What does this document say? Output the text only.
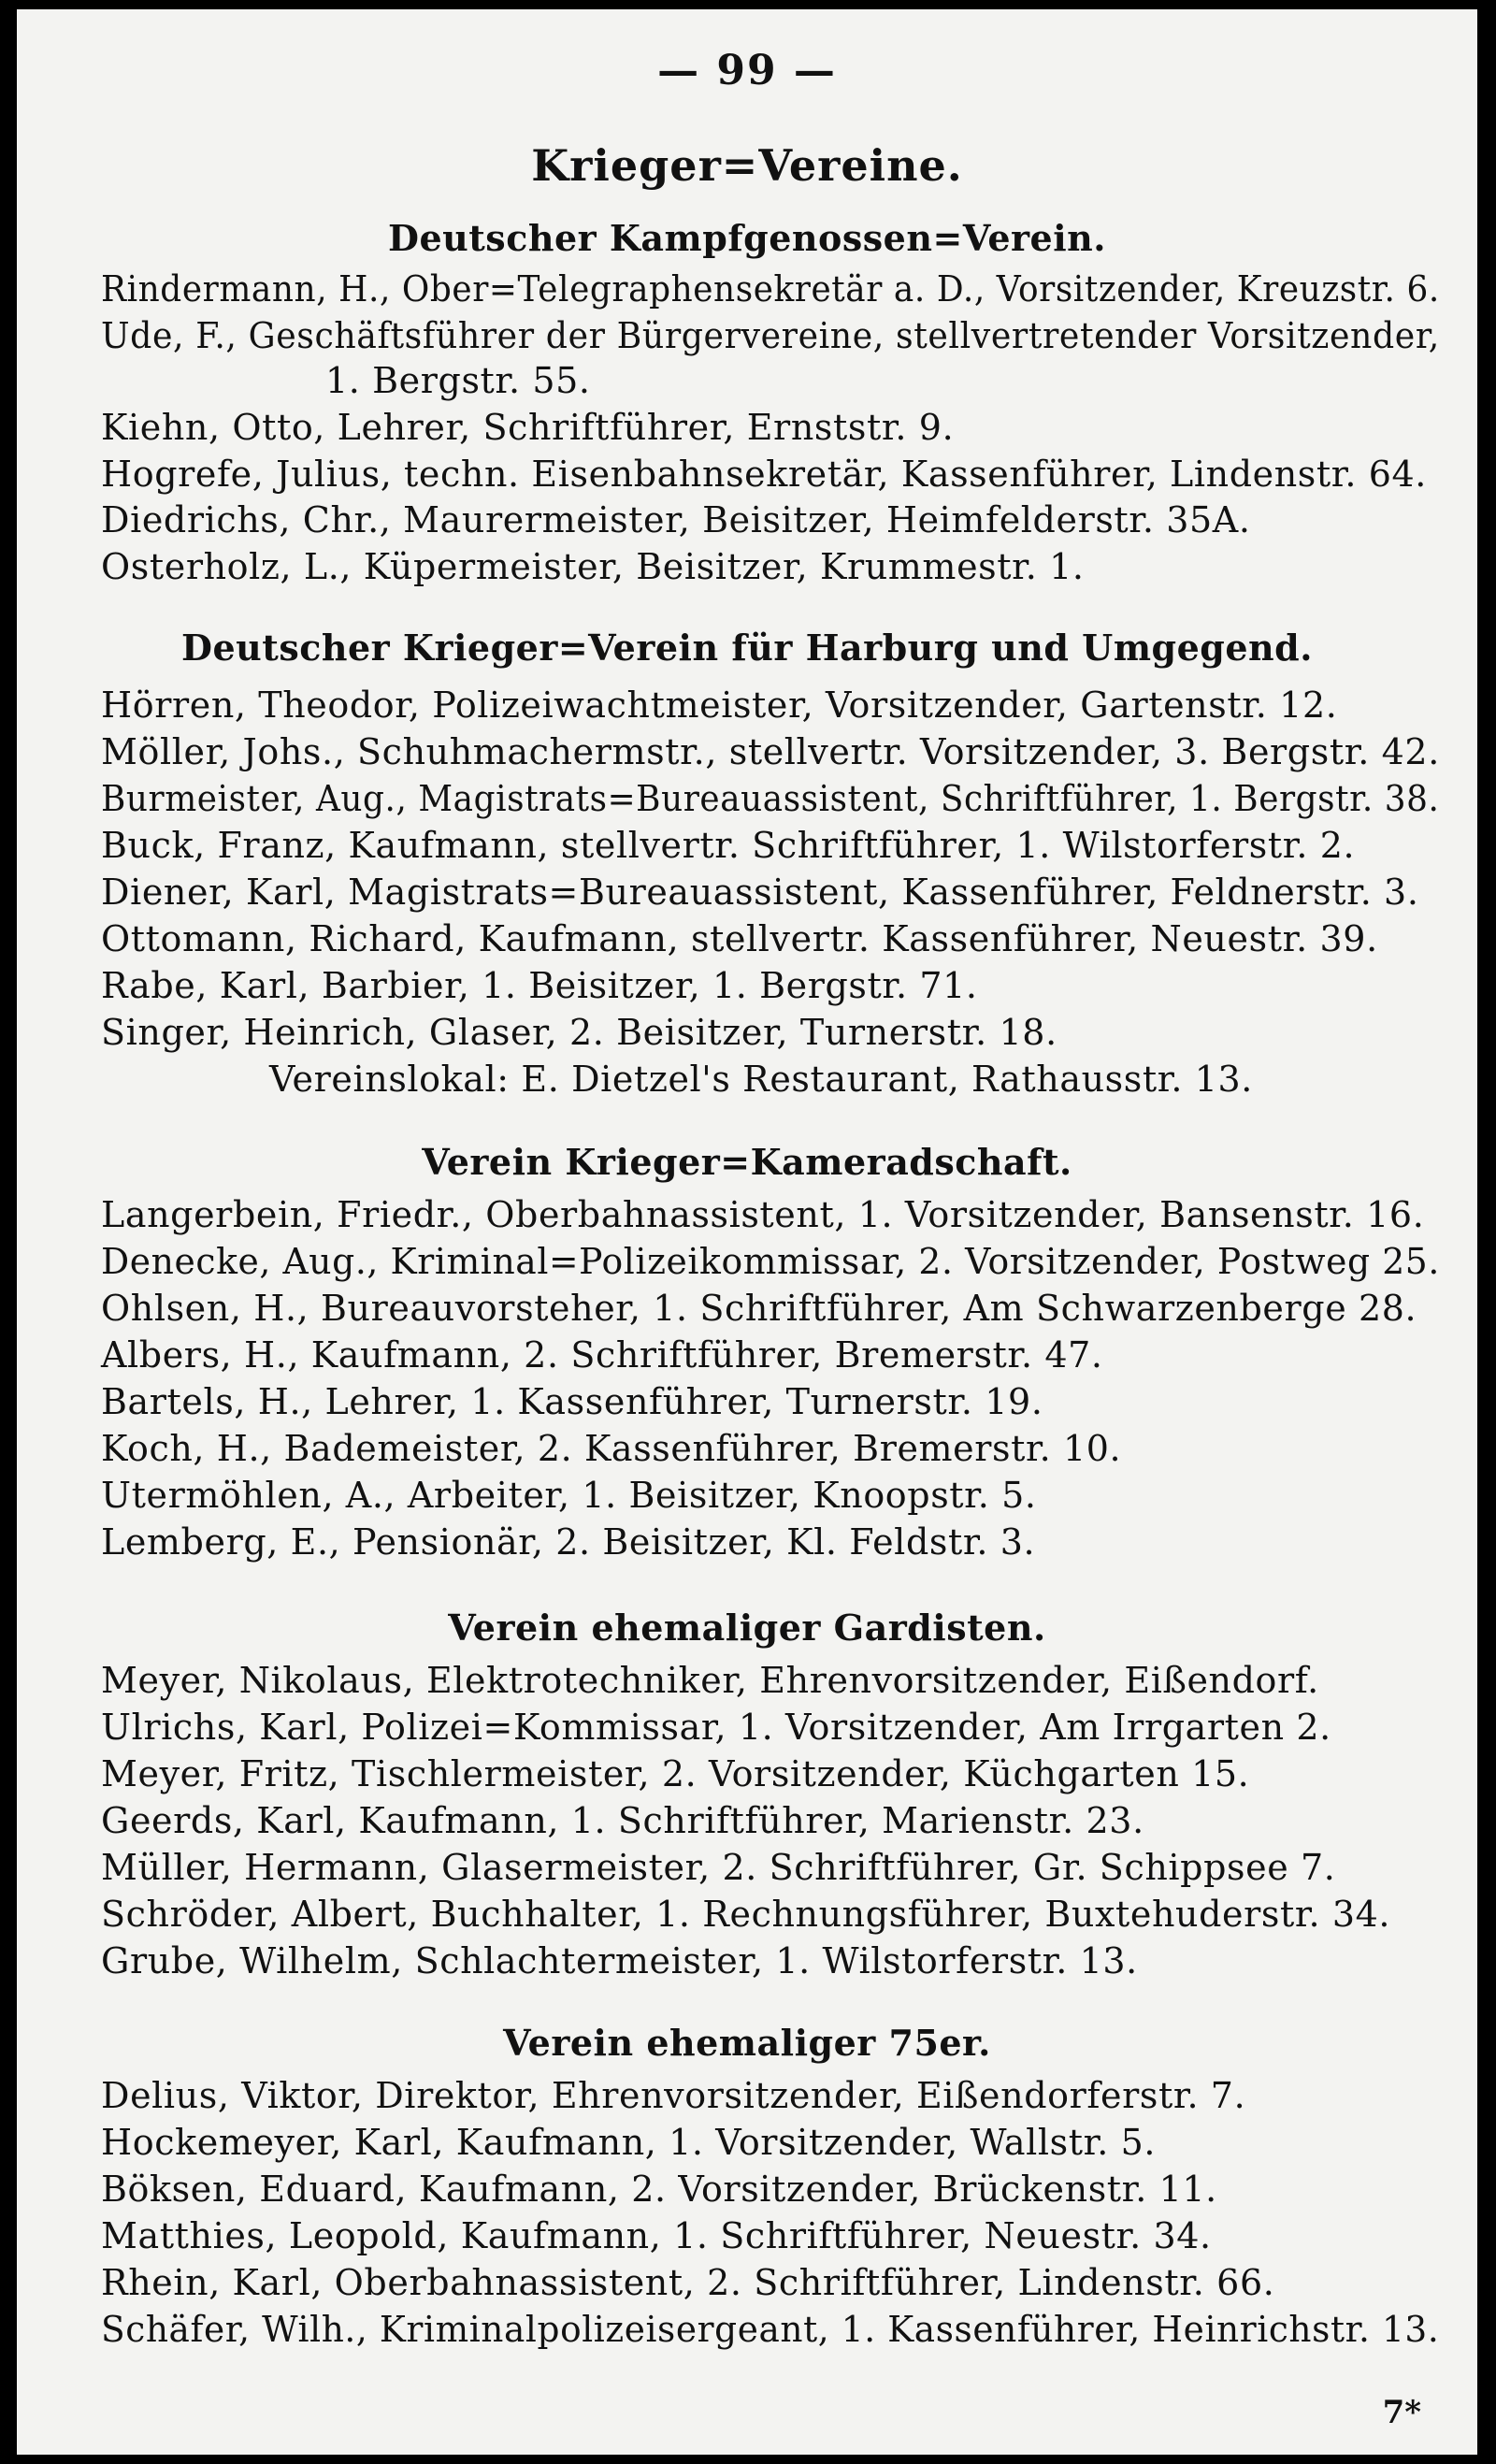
— 99 —
Krieger=Vereine.
Deutscher Kampfgenossen=Verein.
Rindermann, H., Ober=Telegraphensekretär a. D., Vorsitzender, Kreuzstr. 6.
Ude, F., Geschäftsführer der Bürgervereine, stellvertretender Vorsitzender,
1. Bergstr. 55.
Kiehn, Otto, Lehrer, Schriftführer, Ernststr. 9.
Hogrefe, Julius, techn. Eisenbahnsekretär, Kassenführer, Lindenstr. 64.
Diedrichs, Chr., Maurermeister, Beisitzer, Heimfelderstr. 35A.
Osterholz, L., Küpermeister, Beisitzer, Krummestr. 1.
Deutscher Krieger=Verein für Harburg und Umgegend.
Hörren, Theodor, Polizeiwachtmeister, Vorsitzender, Gartenstr. 12.
Möller, Johs., Schuhmachermstr., stellvertr. Vorsitzender, 3. Bergstr. 42.
Burmeister, Aug., Magistrats=Bureauassistent, Schriftführer, 1. Bergstr. 38.
Buck, Franz, Kaufmann, stellvertr. Schriftführer, 1. Wilstorferstr. 2.
Diener, Karl, Magistrats=Bureauassistent, Kassenführer, Feldnerstr. 3.
Ottomann, Richard, Kaufmann, stellvertr. Kassenführer, Neuestr. 39.
Rabe, Karl, Barbier, 1. Beisitzer, 1. Bergstr. 71.
Singer, Heinrich, Glaser, 2. Beisitzer, Turnerstr. 18.
Vereinslokal: E. Dietzel's Restaurant, Rathausstr. 13.
Verein Krieger=Kameradschaft.
Langerbein, Friedr., Oberbahnassistent, 1. Vorsitzender, Bansenstr. 16.
Denecke, Aug., Kriminal=Polizeikommissar, 2. Vorsitzender, Postweg 25.
Ohlsen, H., Bureauvorsteher, 1. Schriftführer, Am Schwarzenberge 28.
Albers, H., Kaufmann, 2. Schriftführer, Bremerstr. 47.
Bartels, H., Lehrer, 1. Kassenführer, Turnerstr. 19.
Koch, H., Bademeister, 2. Kassenführer, Bremerstr. 10.
Utermöhlen, A., Arbeiter, 1. Beisitzer, Knoopstr. 5.
Lemberg, E., Pensionär, 2. Beisitzer, Kl. Feldstr. 3.
Verein ehemaliger Gardisten.
Meyer, Nikolaus, Elektrotechniker, Ehrenvorsitzender, Eißendorf.
Ulrichs, Karl, Polizei=Kommissar, 1. Vorsitzender, Am Irrgarten 2.
Meyer, Fritz, Tischlermeister, 2. Vorsitzender, Küchgarten 15.
Geerds, Karl, Kaufmann, 1. Schriftführer, Marienstr. 23.
Müller, Hermann, Glasermeister, 2. Schriftführer, Gr. Schippsee 7.
Schröder, Albert, Buchhalter, 1. Rechnungsführer, Buxtehuderstr. 34.
Grube, Wilhelm, Schlachtermeister, 1. Wilstorferstr. 13.
Verein ehemaliger 75er.
Delius, Viktor, Direktor, Ehrenvorsitzender, Eißendorferstr. 7.
Hockemeyer, Karl, Kaufmann, 1. Vorsitzender, Wallstr. 5.
Böksen, Eduard, Kaufmann, 2. Vorsitzender, Brückenstr. 11.
Matthies, Leopold, Kaufmann, 1. Schriftführer, Neuestr. 34.
Rhein, Karl, Oberbahnassistent, 2. Schriftführer, Lindenstr. 66.
Schäfer, Wilh., Kriminalpolizeisergeant, 1. Kassenführer, Heinrichstr. 13.
7*
